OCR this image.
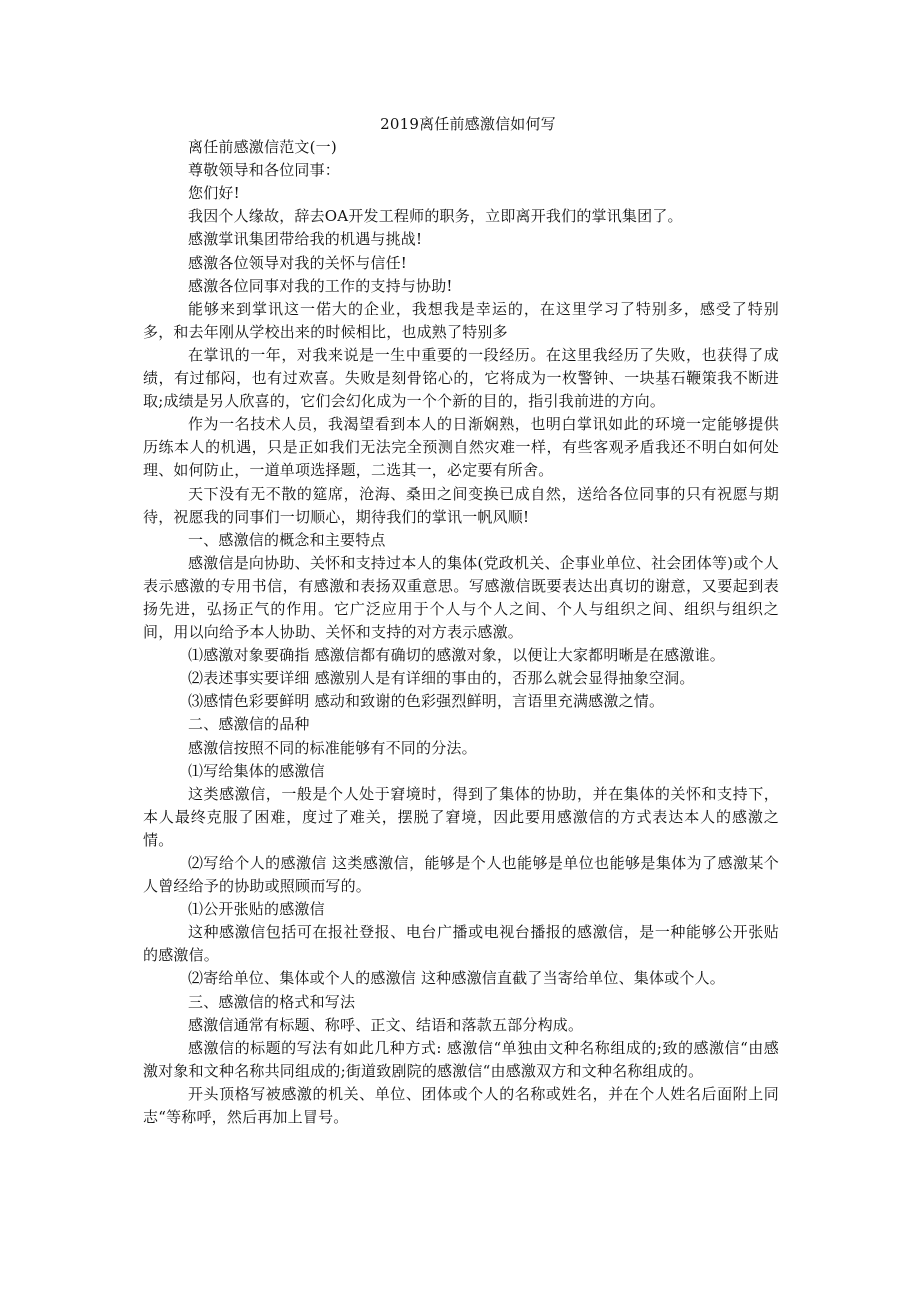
2019离任前感激信如何写

离任前感激信范文(一)

尊敬领导和各位同事：

您们好!

我因个人缘故，辞去OA开发工程师的职务，立即离开我们的掌讯集团了。

感激掌讯集团带给我的机遇与挑战!

感激各位领导对我的关怀与信任!

感激各位同事对我的工作的支持与协助!

能够来到掌讯这一偌大的企业，我想我是幸运的，在这里学习了特别多，感受了特别多，和去年刚从学校出来的时候相比，也成熟了特别多

在掌讯的一年，对我来说是一生中重要的一段经历。在这里我经历了失败，也获得了成绩，有过郁闷，也有过欢喜。失败是刻骨铭心的，它将成为一枚警钟、一块基石鞭策我不断进取;成绩是另人欣喜的，它们会幻化成为一个个新的目的，指引我前进的方向。

作为一名技术人员，我渴望看到本人的日渐娴熟，也明白掌讯如此的环境一定能够提供历练本人的机遇，只是正如我们无法完全预测自然灾难一样，有些客观矛盾我还不明白如何处理、如何防止，一道单项选择题，二选其一，必定要有所舍。

天下没有无不散的筵席，沧海、桑田之间变换已成自然，送给各位同事的只有祝愿与期待，祝愿我的同事们一切顺心，期待我们的掌讯一帆风顺!

一、感激信的概念和主要特点

感激信是向协助、关怀和支持过本人的集体(党政机关、企事业单位、社会团体等)或个人表示感激的专用书信，有感激和表扬双重意思。写感激信既要表达出真切的谢意，又要起到表扬先进，弘扬正气的作用。它广泛应用于个人与个人之间、个人与组织之间、组织与组织之间，用以向给予本人协助、关怀和支持的对方表示感激。

⑴感激对象要确指 感激信都有确切的感激对象，以便让大家都明晰是在感激谁。

⑵表述事实要详细 感激别人是有详细的事由的，否那么就会显得抽象空洞。

⑶感情色彩要鲜明 感动和致谢的色彩强烈鲜明，言语里充满感激之情。

二、感激信的品种

感激信按照不同的标准能够有不同的分法。

⑴写给集体的感激信

这类感激信，一般是个人处于窘境时，得到了集体的协助，并在集体的关怀和支持下，本人最终克服了困难，度过了难关，摆脱了窘境，因此要用感激信的方式表达本人的感激之情。

⑵写给个人的感激信 这类感激信，能够是个人也能够是单位也能够是集体为了感激某个人曾经给予的协助或照顾而写的。

⑴公开张贴的感激信

这种感激信包括可在报社登报、电台广播或电视台播报的感激信，是一种能够公开张贴的感激信。

⑵寄给单位、集体或个人的感激信 这种感激信直截了当寄给单位、集体或个人。

三、感激信的格式和写法

感激信通常有标题、称呼、正文、结语和落款五部分构成。

感激信的标题的写法有如此几种方式: 感激信“单独由文种名称组成的;致的感激信“由感激对象和文种名称共同组成的;街道致剧院的感激信“由感激双方和文种名称组成的。

开头顶格写被感激的机关、单位、团体或个人的名称或姓名，并在个人姓名后面附上同志“等称呼，然后再加上冒号。
